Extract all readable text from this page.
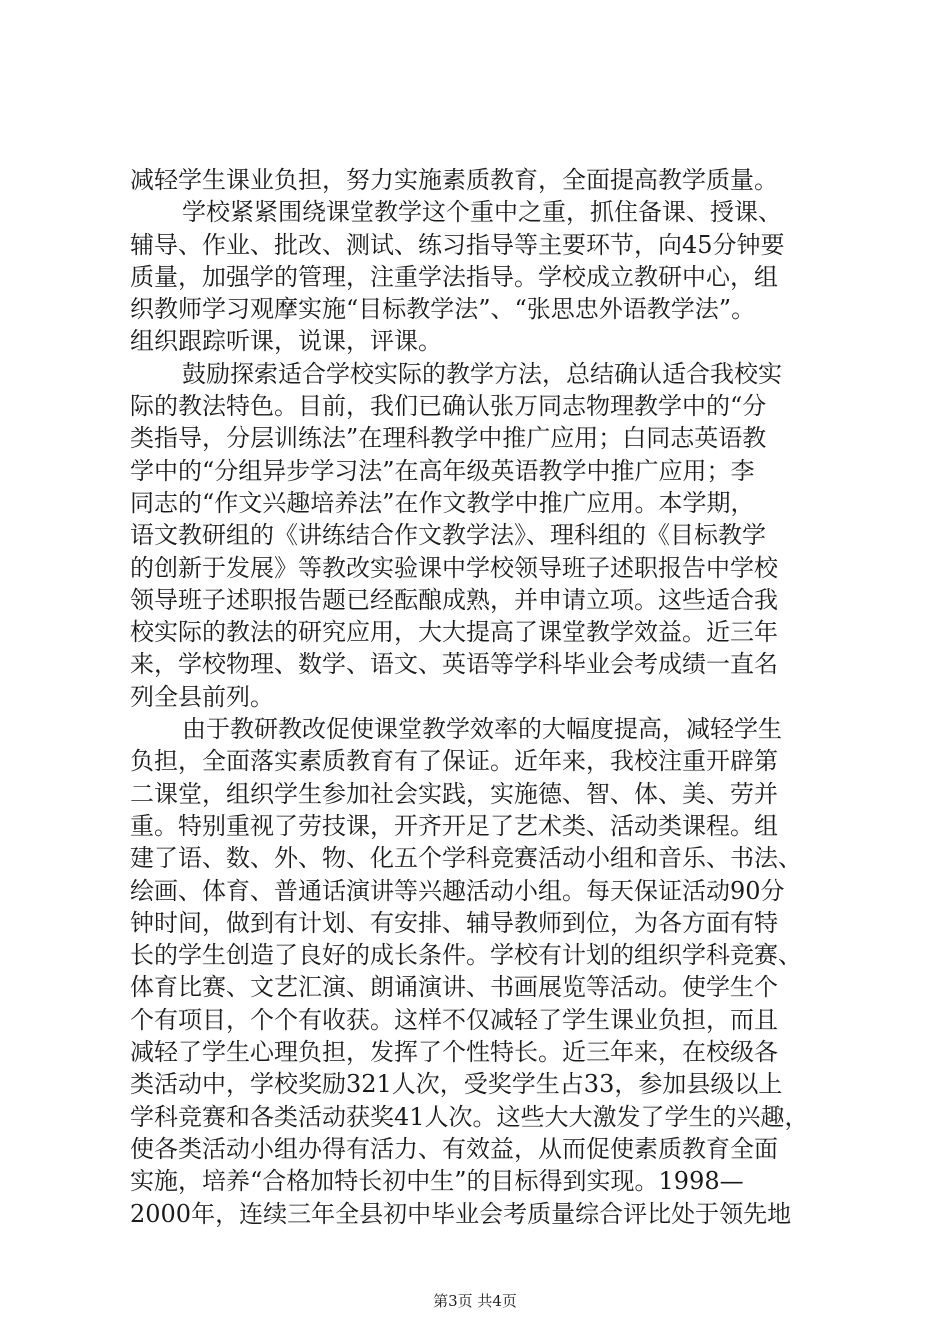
减轻学生课业负担，努力实施素质教育，全面提高教学质量。
学校紧紧围绕课堂教学这个重中之重，抓住备课、授课、
辅导、作业、批改、测试、练习指导等主要环节，向45分钟要
质量，加强学的管理，注重学法指导。学校成立教研中心，组
织教师学习观摩实施“目标教学法”、“张思忠外语教学法”。
组织跟踪听课，说课，评课。
鼓励探索适合学校实际的教学方法，总结确认适合我校实
际的教法特色。目前，我们已确认张万同志物理教学中的“分
类指导，分层训练法”在理科教学中推广应用；白同志英语教
学中的“分组异步学习法”在高年级英语教学中推广应用；李
同志的“作文兴趣培养法”在作文教学中推广应用。本学期，
语文教研组的《讲练结合作文教学法》、理科组的《目标教学
的创新于发展》等教改实验课中学校领导班子述职报告中学校
领导班子述职报告题已经酝酿成熟，并申请立项。这些适合我
校实际的教法的研究应用，大大提高了课堂教学效益。近三年
来，学校物理、数学、语文、英语等学科毕业会考成绩一直名
列全县前列。
由于教研教改促使课堂教学效率的大幅度提高，减轻学生
负担，全面落实素质教育有了保证。近年来，我校注重开辟第
二课堂，组织学生参加社会实践，实施德、智、体、美、劳并
重。特别重视了劳技课，开齐开足了艺术类、活动类课程。组
建了语、数、外、物、化五个学科竞赛活动小组和音乐、书法、
绘画、体育、普通话演讲等兴趣活动小组。每天保证活动90分
钟时间，做到有计划、有安排、辅导教师到位，为各方面有特
长的学生创造了良好的成长条件。学校有计划的组织学科竞赛、
体育比赛、文艺汇演、朗诵演讲、书画展览等活动。使学生个
个有项目，个个有收获。这样不仅减轻了学生课业负担，而且
减轻了学生心理负担，发挥了个性特长。近三年来，在校级各
类活动中，学校奖励321人次，受奖学生占33，参加县级以上
学科竞赛和各类活动获奖41人次。这些大大激发了学生的兴趣，
使各类活动小组办得有活力、有效益，从而促使素质教育全面
实施，培养“合格加特长初中生”的目标得到实现。1998—
2000年，连续三年全县初中毕业会考质量综合评比处于领先地
第3页 共4页
